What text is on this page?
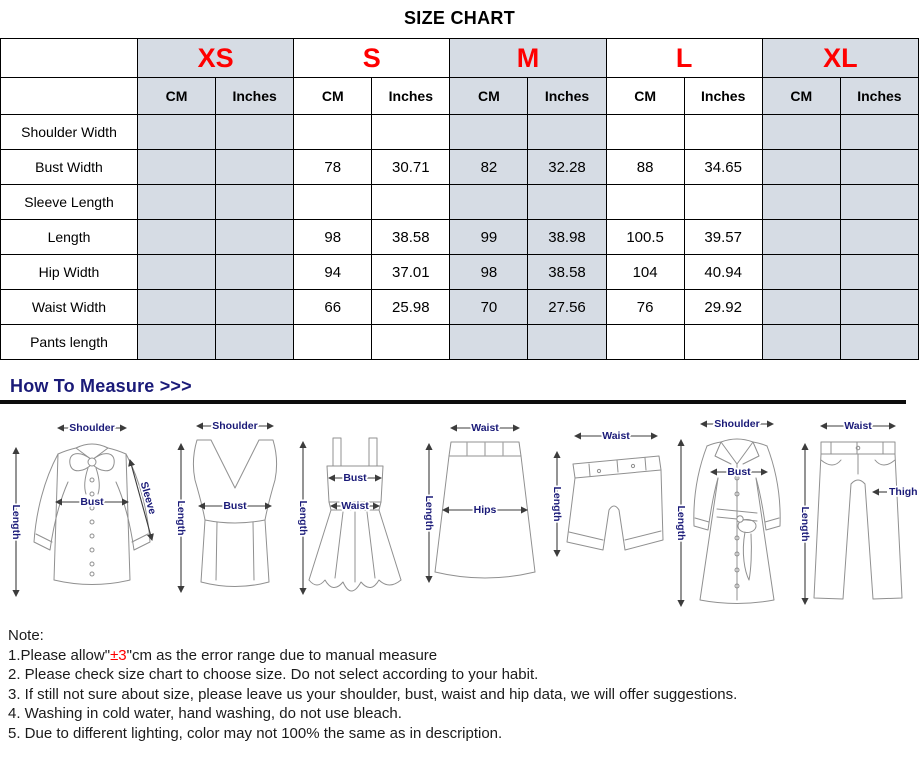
SIZE CHART
	XS		S		M		L		XL	
	CM	Inches	CM	Inches	CM	Inches	CM	Inches	CM	Inches
Shoulder Width										
Bust Width			78	30.71	82	32.28	88	34.65		
Sleeve Length										
Length			98	38.58	99	38.98	100.5	39.57		
Hip Width			94	37.01	98	38.58	104	40.94		
Waist Width			66	25.98	70	27.56	76	29.92		
Pants length										
How To Measure >>>
Shoulder
Bust	Sleeve
Length
Shoulder
Bust
Length
Bust
Waist
Length
Waist
Hips
Length
Waist
Length
Shoulder
Bust
Length
Waist
Thigh
Length
Note:
1.Please allow"±3"cm as the error range due to manual measure
2. Please check size chart to choose size. Do not select according to your habit.
3. If still not sure about size, please leave us your shoulder, bust, waist and hip data, we will offer suggestions.
4. Washing in cold water, hand washing, do not use bleach.
5. Due to different lighting, color may not 100% the same as in description.
